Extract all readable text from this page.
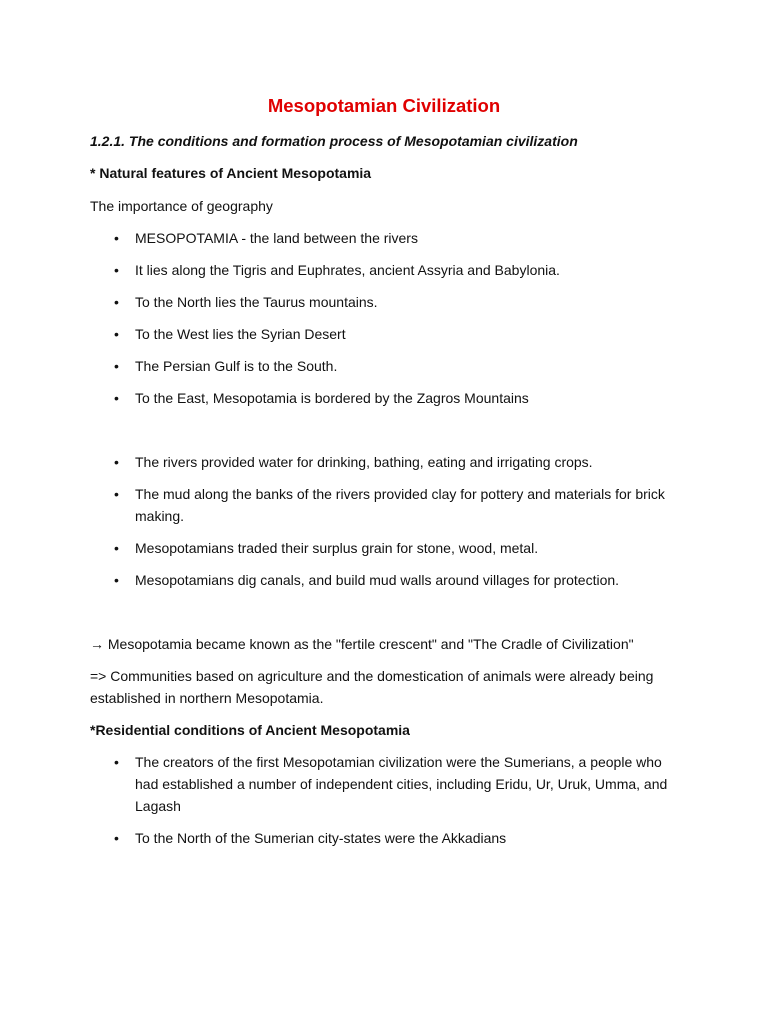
Mesopotamian Civilization

1.2.1. The conditions and formation process of Mesopotamian civilization

* Natural features of Ancient Mesopotamia

The importance of geography

• MESOPOTAMIA - the land between the rivers

• It lies along the Tigris and Euphrates, ancient Assyria and Babylonia.

• To the North lies the Taurus mountains.

• To the West lies the Syrian Desert

• The Persian Gulf is to the South.

• To the East, Mesopotamia is bordered by the Zagros Mountains

• The rivers provided water for drinking, bathing, eating and irrigating crops.

• The mud along the banks of the rivers provided clay for pottery and materials for brick making.

• Mesopotamians traded their surplus grain for stone, wood, metal.

• Mesopotamians dig canals, and build mud walls around villages for protection.

→ Mesopotamia became known as the "fertile crescent" and "The Cradle of Civilization"

=> Communities based on agriculture and the domestication of animals were already being established in northern Mesopotamia.

*Residential conditions of Ancient Mesopotamia

• The creators of the first Mesopotamian civilization were the Sumerians, a people who had established a number of independent cities, including Eridu, Ur, Uruk, Umma, and Lagash

• To the North of the Sumerian city-states were the Akkadians
